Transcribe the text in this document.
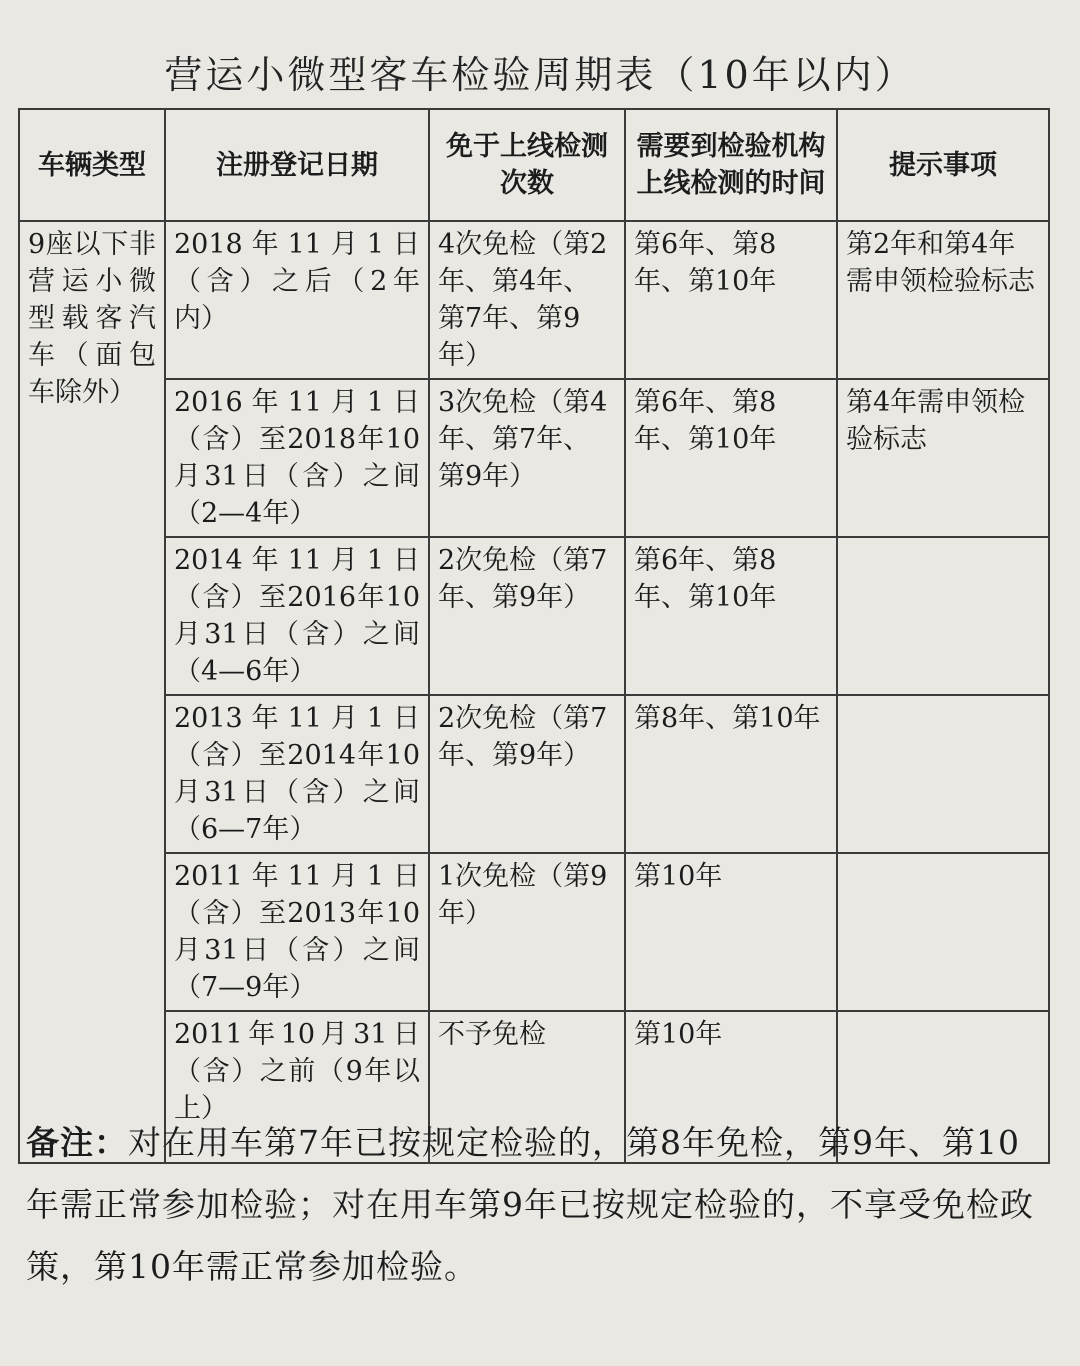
营运小微型客车检验周期表（10年以内）
车辆类型	注册登记日期	免于上线检测次数	需要到检验机构上线检测的时间	提示事项
9座以下非营运小微型载客汽车（面包车除外）	2018年11月1日（含）之后（2年内）	4次免检（第2年、第4年、第7年、第9年）	第6年、第8年、第10年	第2年和第4年需申领检验标志
	2016年11月1日（含）至2018年10月31日（含）之间（2—4年）	3次免检（第4年、第7年、第9年）	第6年、第8年、第10年	第4年需申领检验标志
	2014年11月1日（含）至2016年10月31日（含）之间（4—6年）	2次免检（第7年、第9年）	第6年、第8年、第10年	
	2013年11月1日（含）至2014年10月31日（含）之间（6—7年）	2次免检（第7年、第9年）	第8年、第10年	
	2011年11月1日（含）至2013年10月31日（含）之间（7—9年）	1次免检（第9年）	第10年	
	2011年10月31日（含）之前（9年以上）	不予免检	第10年	
备注：对在用车第7年已按规定检验的，第8年免检，第9年、第10年需正常参加检验；对在用车第9年已按规定检验的，不享受免检政策，第10年需正常参加检验。
